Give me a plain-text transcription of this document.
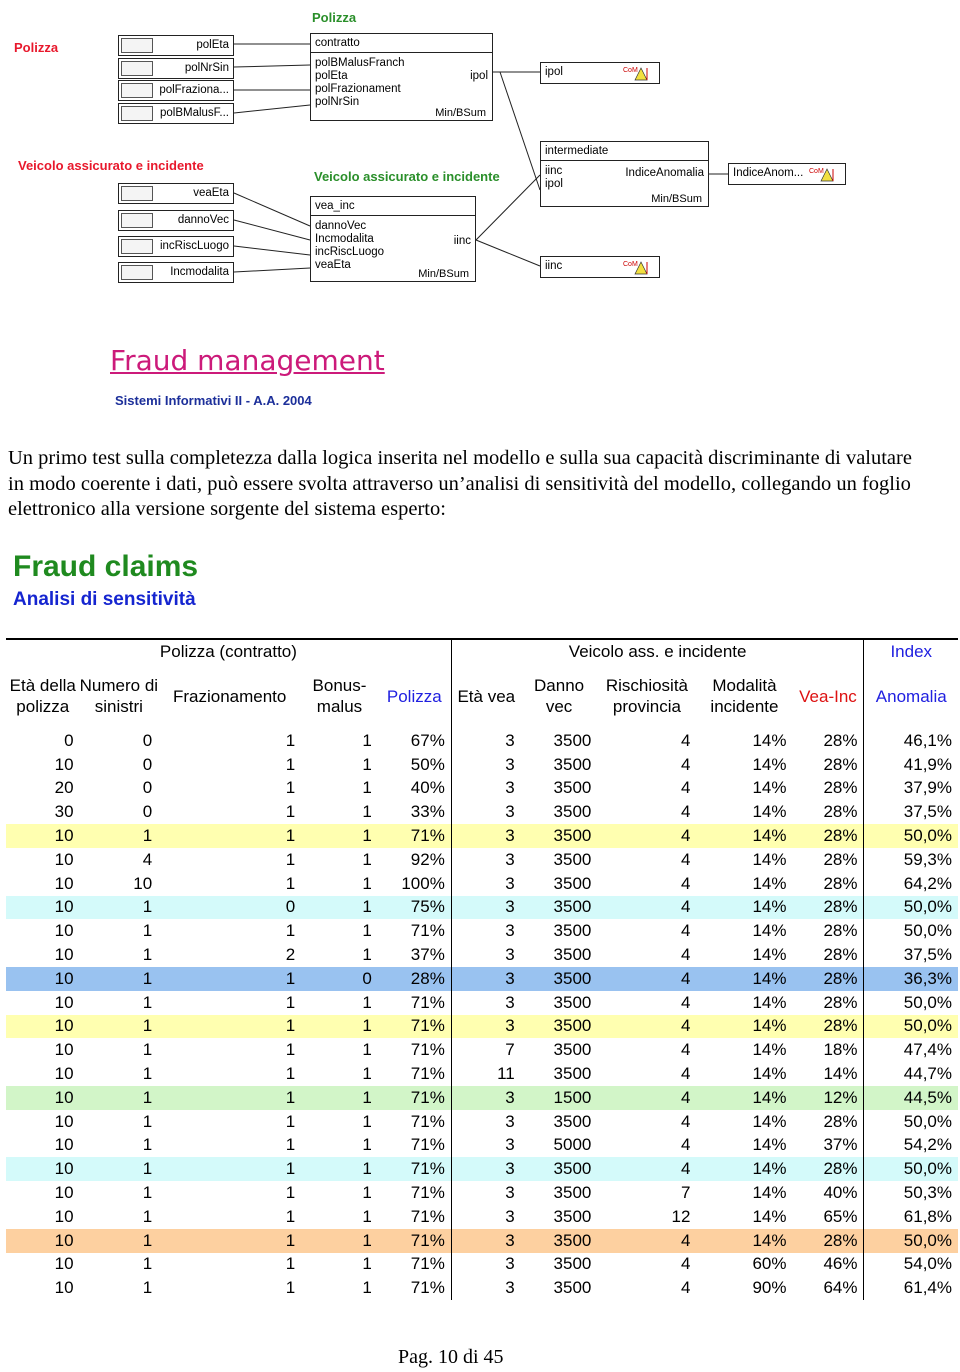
Polizza
Polizza
polEta
polNrSin
polFraziona...
polBMalusF...
contratto
polBMalusFranch
polEta
polFrazionament
polNrSin
ipol
Min/BSum
ipol	CoM
intermediate
iinc
ipol
IndiceAnomalia
Min/BSum
IndiceAnom... CoM
Veicolo assicurato e incidente
Veicolo assicurato e incidente
veaEta
dannoVec
incRiscLuogo
Incmodalita
vea_inc
dannoVec
Incmodalita
incRiscLuogo
veaEta
iinc
Min/BSum
iinc	CoM
Fraud management
Sistemi Informativi II - A.A. 2004
Un primo test sulla completezza dalla logica inserita nel modello e sulla sua capacità discriminante di valutare in modo coerente i dati, può essere svolta attraverso un’analisi di sensitività del modello, collegando un foglio elettronico alla versione sorgente del sistema esperto:
Fraud claims
Analisi di sensitività
Polizza (contratto)					Veicolo ass. e incidente					Index
Età della polizza	Numero di sinistri	Frazionamento	Bonus-malus	Polizza	Età vea	Danno vec	Rischiosità provincia	Modalità incidente	Vea-Inc	Anomalia
0	0	1	1	67%	3	3500	4	14%	28%	46,1%
10	0	1	1	50%	3	3500	4	14%	28%	41,9%
20	0	1	1	40%	3	3500	4	14%	28%	37,9%
30	0	1	1	33%	3	3500	4	14%	28%	37,5%
10	1	1	1	71%	3	3500	4	14%	28%	50,0%
10	4	1	1	92%	3	3500	4	14%	28%	59,3%
10	10	1	1	100%	3	3500	4	14%	28%	64,2%
10	1	0	1	75%	3	3500	4	14%	28%	50,0%
10	1	1	1	71%	3	3500	4	14%	28%	50,0%
10	1	2	1	37%	3	3500	4	14%	28%	37,5%
10	1	1	0	28%	3	3500	4	14%	28%	36,3%
10	1	1	1	71%	3	3500	4	14%	28%	50,0%
10	1	1	1	71%	3	3500	4	14%	28%	50,0%
10	1	1	1	71%	7	3500	4	14%	18%	47,4%
10	1	1	1	71%	11	3500	4	14%	14%	44,7%
10	1	1	1	71%	3	1500	4	14%	12%	44,5%
10	1	1	1	71%	3	3500	4	14%	28%	50,0%
10	1	1	1	71%	3	5000	4	14%	37%	54,2%
10	1	1	1	71%	3	3500	4	14%	28%	50,0%
10	1	1	1	71%	3	3500	7	14%	40%	50,3%
10	1	1	1	71%	3	3500	12	14%	65%	61,8%
10	1	1	1	71%	3	3500	4	14%	28%	50,0%
10	1	1	1	71%	3	3500	4	60%	46%	54,0%
10	1	1	1	71%	3	3500	4	90%	64%	61,4%
Pag. 10 di 45
